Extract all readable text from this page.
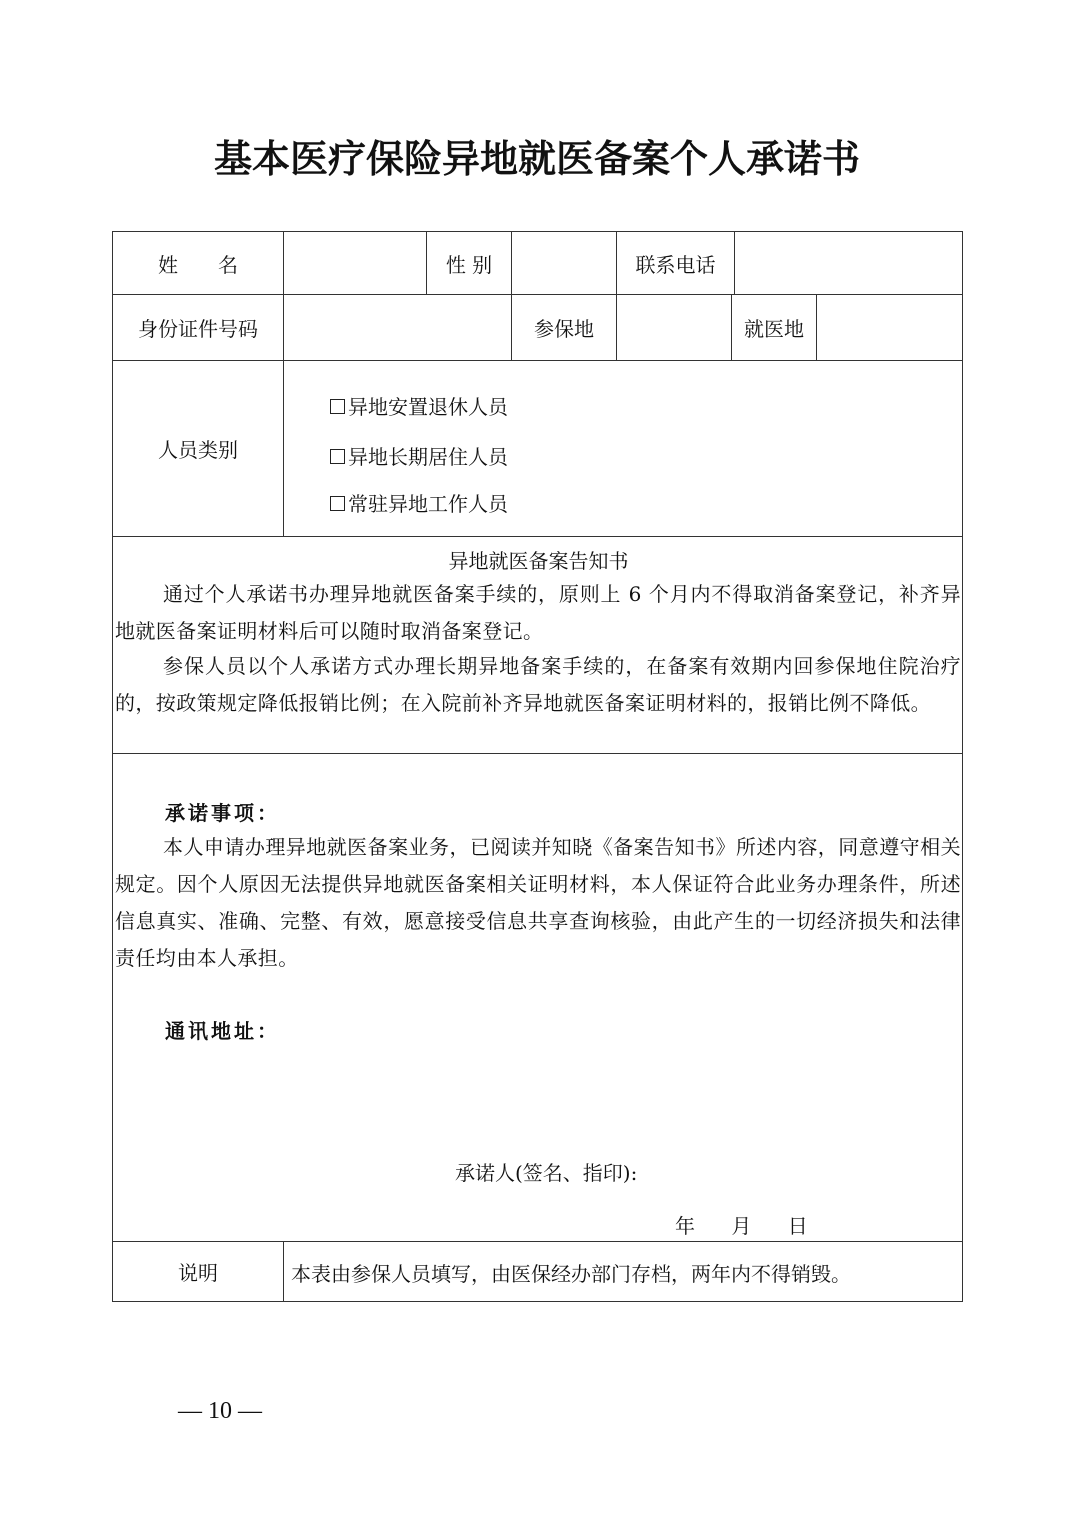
基本医疗保险异地就医备案个人承诺书
姓　　名	性 别	联系电话
身份证件号码	参保地	就医地
人员类别
异地安置退休人员
异地长期居住人员
常驻异地工作人员
异地就医备案告知书
通过个人承诺书办理异地就医备案手续的，原则上 6 个月内不得取消备案登记，补齐异地就医备案证明材料后可以随时取消备案登记。
参保人员以个人承诺方式办理长期异地备案手续的，在备案有效期内回参保地住院治疗的，按政策规定降低报销比例；在入院前补齐异地就医备案证明材料的，报销比例不降低。
承诺事项：
本人申请办理异地就医备案业务，已阅读并知晓《备案告知书》所述内容，同意遵守相关规定。因个人原因无法提供异地就医备案相关证明材料，本人保证符合此业务办理条件，所述信息真实、准确、完整、有效，愿意接受信息共享查询核验，由此产生的一切经济损失和法律责任均由本人承担。
通讯地址：
承诺人(签名、指印):
年 月 日
说明	本表由参保人员填写，由医保经办部门存档，两年内不得销毁。
— 10 —
